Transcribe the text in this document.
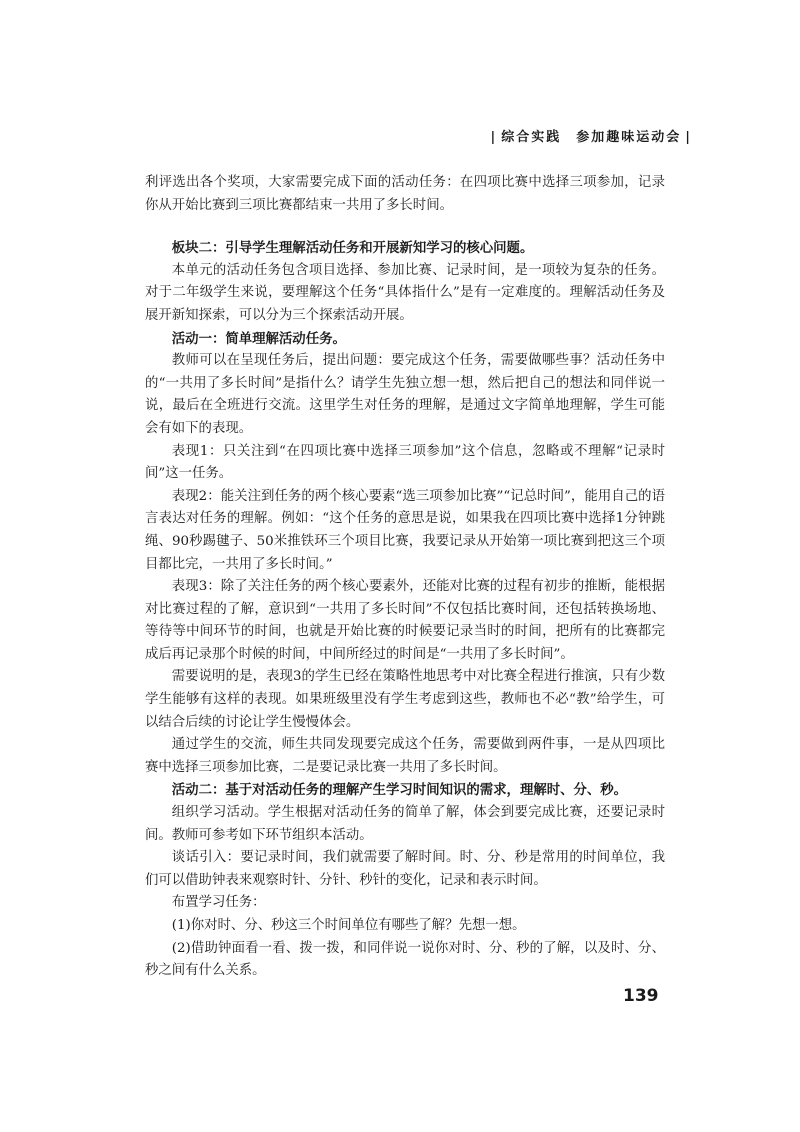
| 综合实践　参加趣味运动会 |

利评选出各个奖项，大家需要完成下面的活动任务：在四项比赛中选择三项参加，记录你从开始比赛到三项比赛都结束一共用了多长时间。

板块二：引导学生理解活动任务和开展新知学习的核心问题。

本单元的活动任务包含项目选择、参加比赛、记录时间，是一项较为复杂的任务。对于二年级学生来说，要理解这个任务“具体指什么”是有一定难度的。理解活动任务及展开新知探索，可以分为三个探索活动开展。

活动一：简单理解活动任务。

教师可以在呈现任务后，提出问题：要完成这个任务，需要做哪些事？活动任务中的“一共用了多长时间”是指什么？请学生先独立想一想，然后把自己的想法和同伴说一说，最后在全班进行交流。这里学生对任务的理解，是通过文字简单地理解，学生可能会有如下的表现。

表现1：只关注到“在四项比赛中选择三项参加”这个信息，忽略或不理解“记录时间”这一任务。

表现2：能关注到任务的两个核心要素“选三项参加比赛”“记总时间”，能用自己的语言表达对任务的理解。例如：“这个任务的意思是说，如果我在四项比赛中选择1分钟跳绳、90秒踢毽子、50米推铁环三个项目比赛，我要记录从开始第一项比赛到把这三个项目都比完，一共用了多长时间。”

表现3：除了关注任务的两个核心要素外，还能对比赛的过程有初步的推断，能根据对比赛过程的了解，意识到“一共用了多长时间”不仅包括比赛时间，还包括转换场地、等待等中间环节的时间，也就是开始比赛的时候要记录当时的时间，把所有的比赛都完成后再记录那个时候的时间，中间所经过的时间是“一共用了多长时间”。

需要说明的是，表现3的学生已经在策略性地思考中对比赛全程进行推演，只有少数学生能够有这样的表现。如果班级里没有学生考虑到这些，教师也不必“教”给学生，可以结合后续的讨论让学生慢慢体会。

通过学生的交流，师生共同发现要完成这个任务，需要做到两件事，一是从四项比赛中选择三项参加比赛，二是要记录比赛一共用了多长时间。

活动二：基于对活动任务的理解产生学习时间知识的需求，理解时、分、秒。

组织学习活动。学生根据对活动任务的简单了解，体会到要完成比赛，还要记录时间。教师可参考如下环节组织本活动。

谈话引入：要记录时间，我们就需要了解时间。时、分、秒是常用的时间单位，我们可以借助钟表来观察时针、分针、秒针的变化，记录和表示时间。

布置学习任务：

(1)你对时、分、秒这三个时间单位有哪些了解？先想一想。

(2)借助钟面看一看、拨一拨，和同伴说一说你对时、分、秒的了解，以及时、分、秒之间有什么关系。

139
